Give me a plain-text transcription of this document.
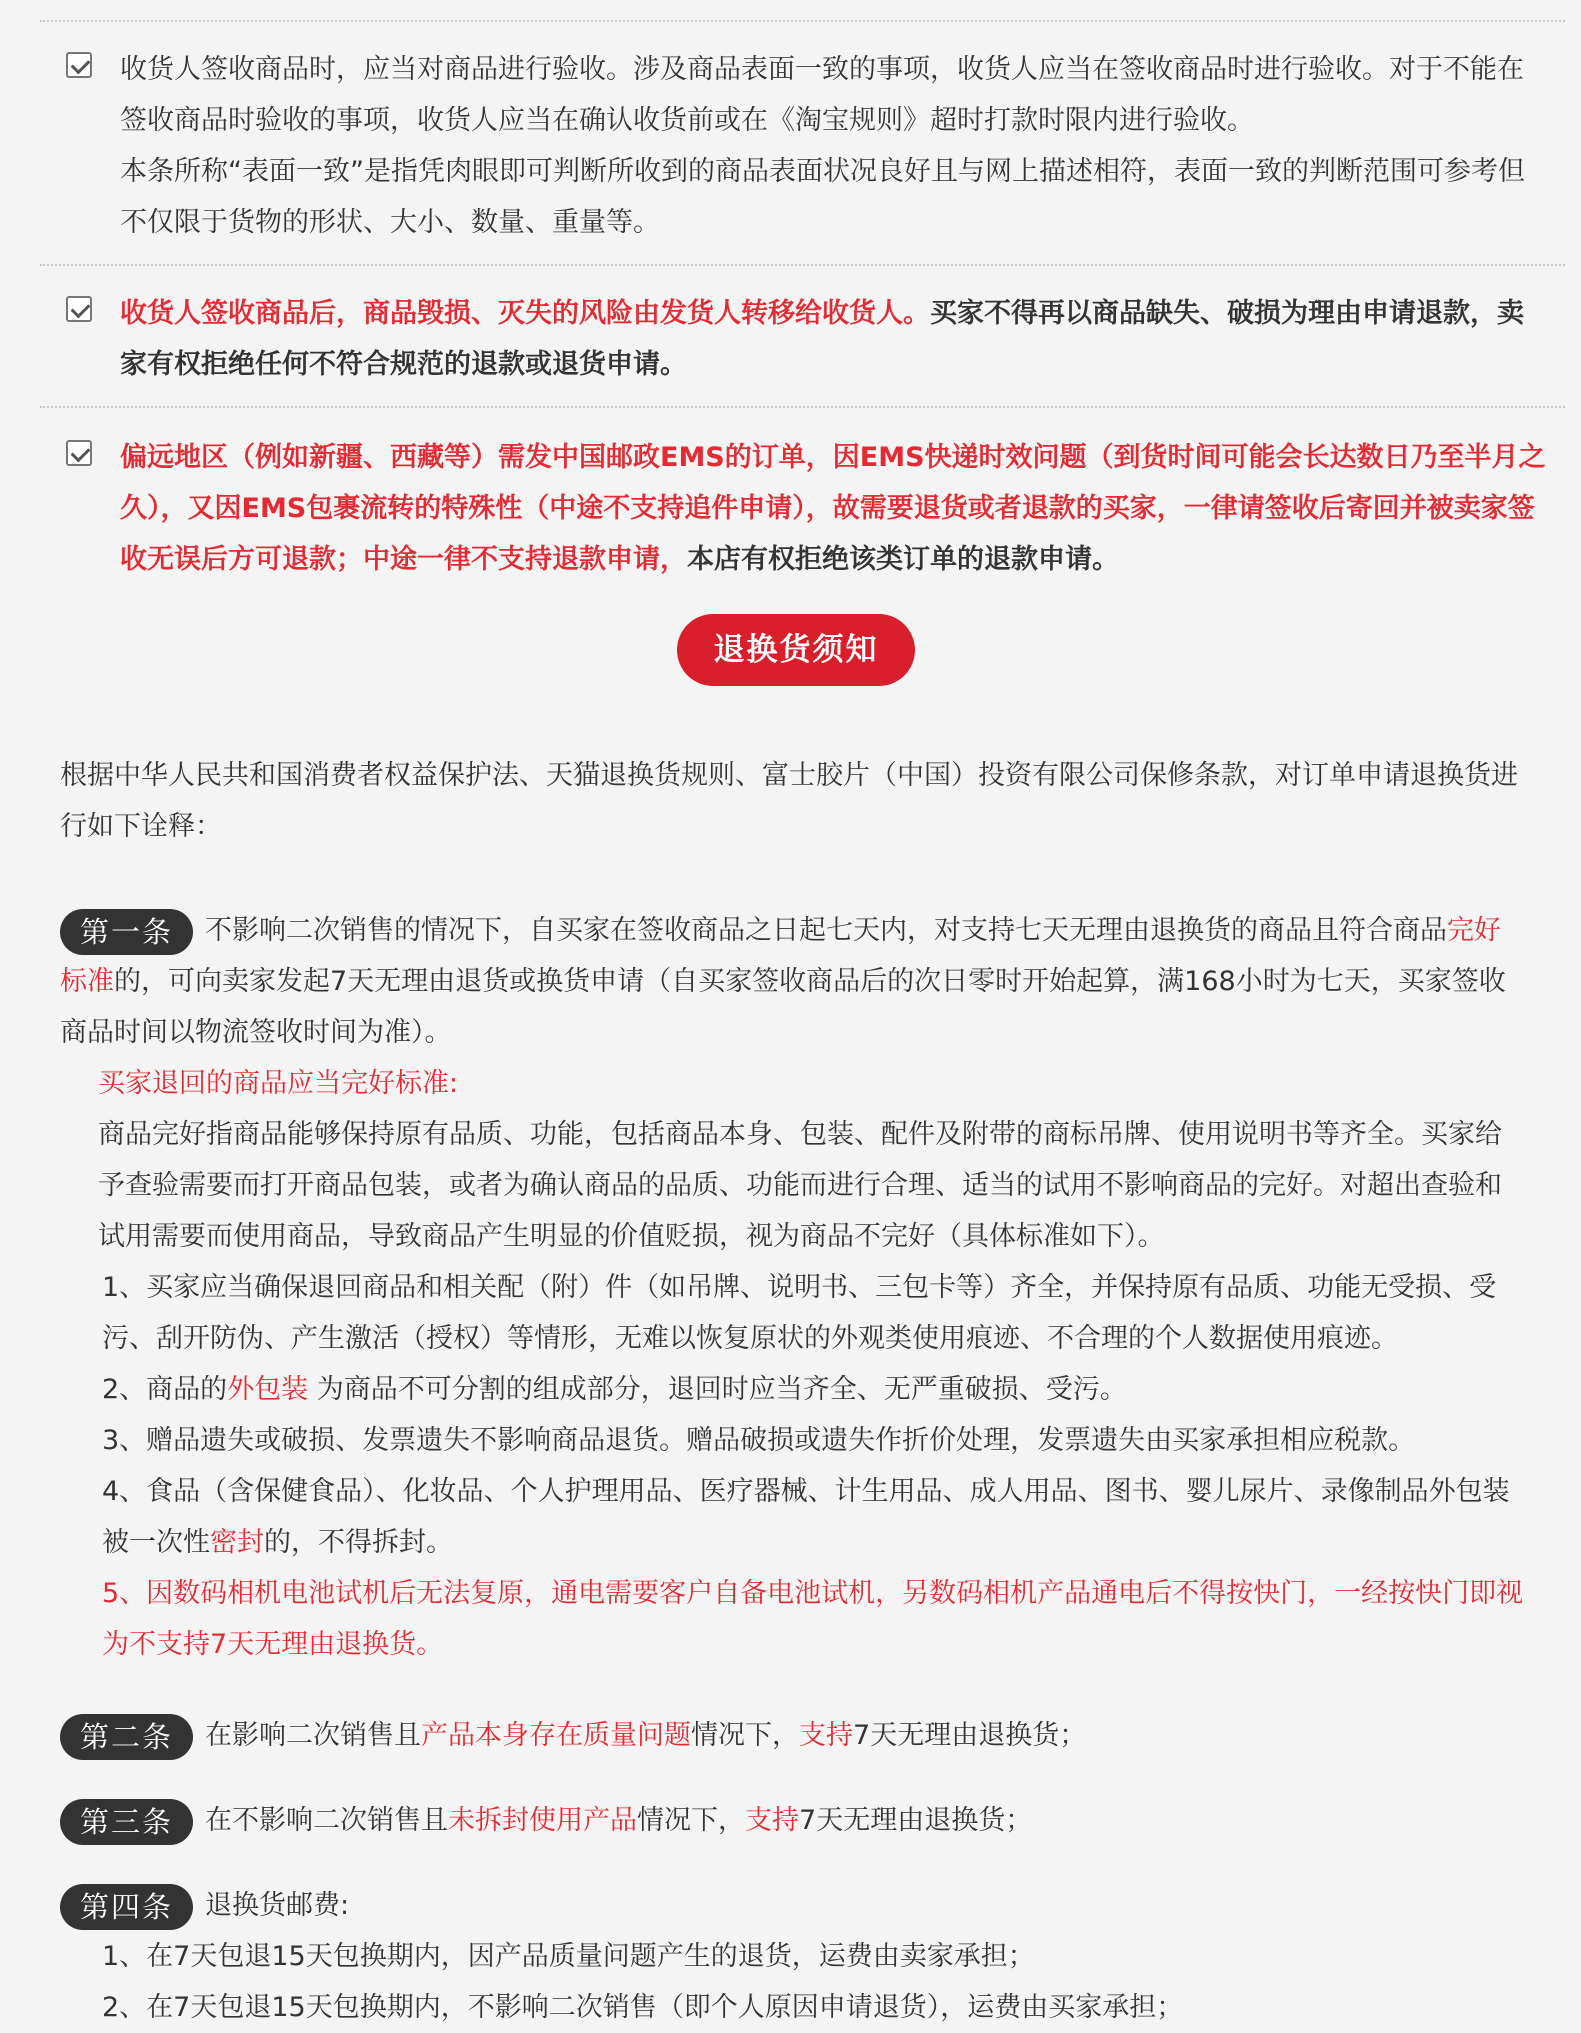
收货人签收商品时，应当对商品进行验收。涉及商品表面一致的事项，收货人应当在签收商品时进行验收。对于不能在签收商品时验收的事项，收货人应当在确认收货前或在《淘宝规则》超时打款时限内进行验收。

本条所称“表面一致”是指凭肉眼即可判断所收到的商品表面状况良好且与网上描述相符，表面一致的判断范围可参考但不仅限于货物的形状、大小、数量、重量等。

收货人签收商品后，商品毁损、灭失的风险由发货人转移给收货人。买家不得再以商品缺失、破损为理由申请退款，卖家有权拒绝任何不符合规范的退款或退货申请。

偏远地区（例如新疆、西藏等）需发中国邮政EMS的订单，因EMS快递时效问题（到货时间可能会长达数日乃至半月之久），又因EMS包裹流转的特殊性（中途不支持追件申请），故需要退货或者退款的买家，一律请签收后寄回并被卖家签收无误后方可退款；中途一律不支持退款申请，本店有权拒绝该类订单的退款申请。

退换货须知

根据中华人民共和国消费者权益保护法、天猫退换货规则、富士胶片（中国）投资有限公司保修条款，对订单申请退换货进行如下诠释：

第一条 不影响二次销售的情况下，自买家在签收商品之日起七天内，对支持七天无理由退换货的商品且符合商品完好标准的，可向卖家发起7天无理由退货或换货申请（自买家签收商品后的次日零时开始起算，满168小时为七天，买家签收商品时间以物流签收时间为准）。

买家退回的商品应当完好标准:

商品完好指商品能够保持原有品质、功能，包括商品本身、包装、配件及附带的商标吊牌、使用说明书等齐全。买家给予查验需要而打开商品包装，或者为确认商品的品质、功能而进行合理、适当的试用不影响商品的完好。对超出查验和试用需要而使用商品，导致商品产生明显的价值贬损，视为商品不完好（具体标准如下）。

1、买家应当确保退回商品和相关配（附）件（如吊牌、说明书、三包卡等）齐全，并保持原有品质、功能无受损、受污、刮开防伪、产生激活（授权）等情形，无难以恢复原状的外观类使用痕迹、不合理的个人数据使用痕迹。

2、商品的外包装 为商品不可分割的组成部分，退回时应当齐全、无严重破损、受污。

3、赠品遗失或破损、发票遗失不影响商品退货。赠品破损或遗失作折价处理，发票遗失由买家承担相应税款。

4、食品（含保健食品）、化妆品、个人护理用品、医疗器械、计生用品、成人用品、图书、婴儿尿片、录像制品外包装被一次性密封的，不得拆封。

5、因数码相机电池试机后无法复原，通电需要客户自备电池试机，另数码相机产品通电后不得按快门，一经按快门即视为不支持7天无理由退换货。

第二条 在影响二次销售且产品本身存在质量问题情况下，支持7天无理由退换货；

第三条 在不影响二次销售且未拆封使用产品情况下，支持7天无理由退换货；

第四条 退换货邮费:

1、在7天包退15天包换期内，因产品质量问题产生的退货，运费由卖家承担；

2、在7天包退15天包换期内，不影响二次销售（即个人原因申请退货），运费由买家承担；
